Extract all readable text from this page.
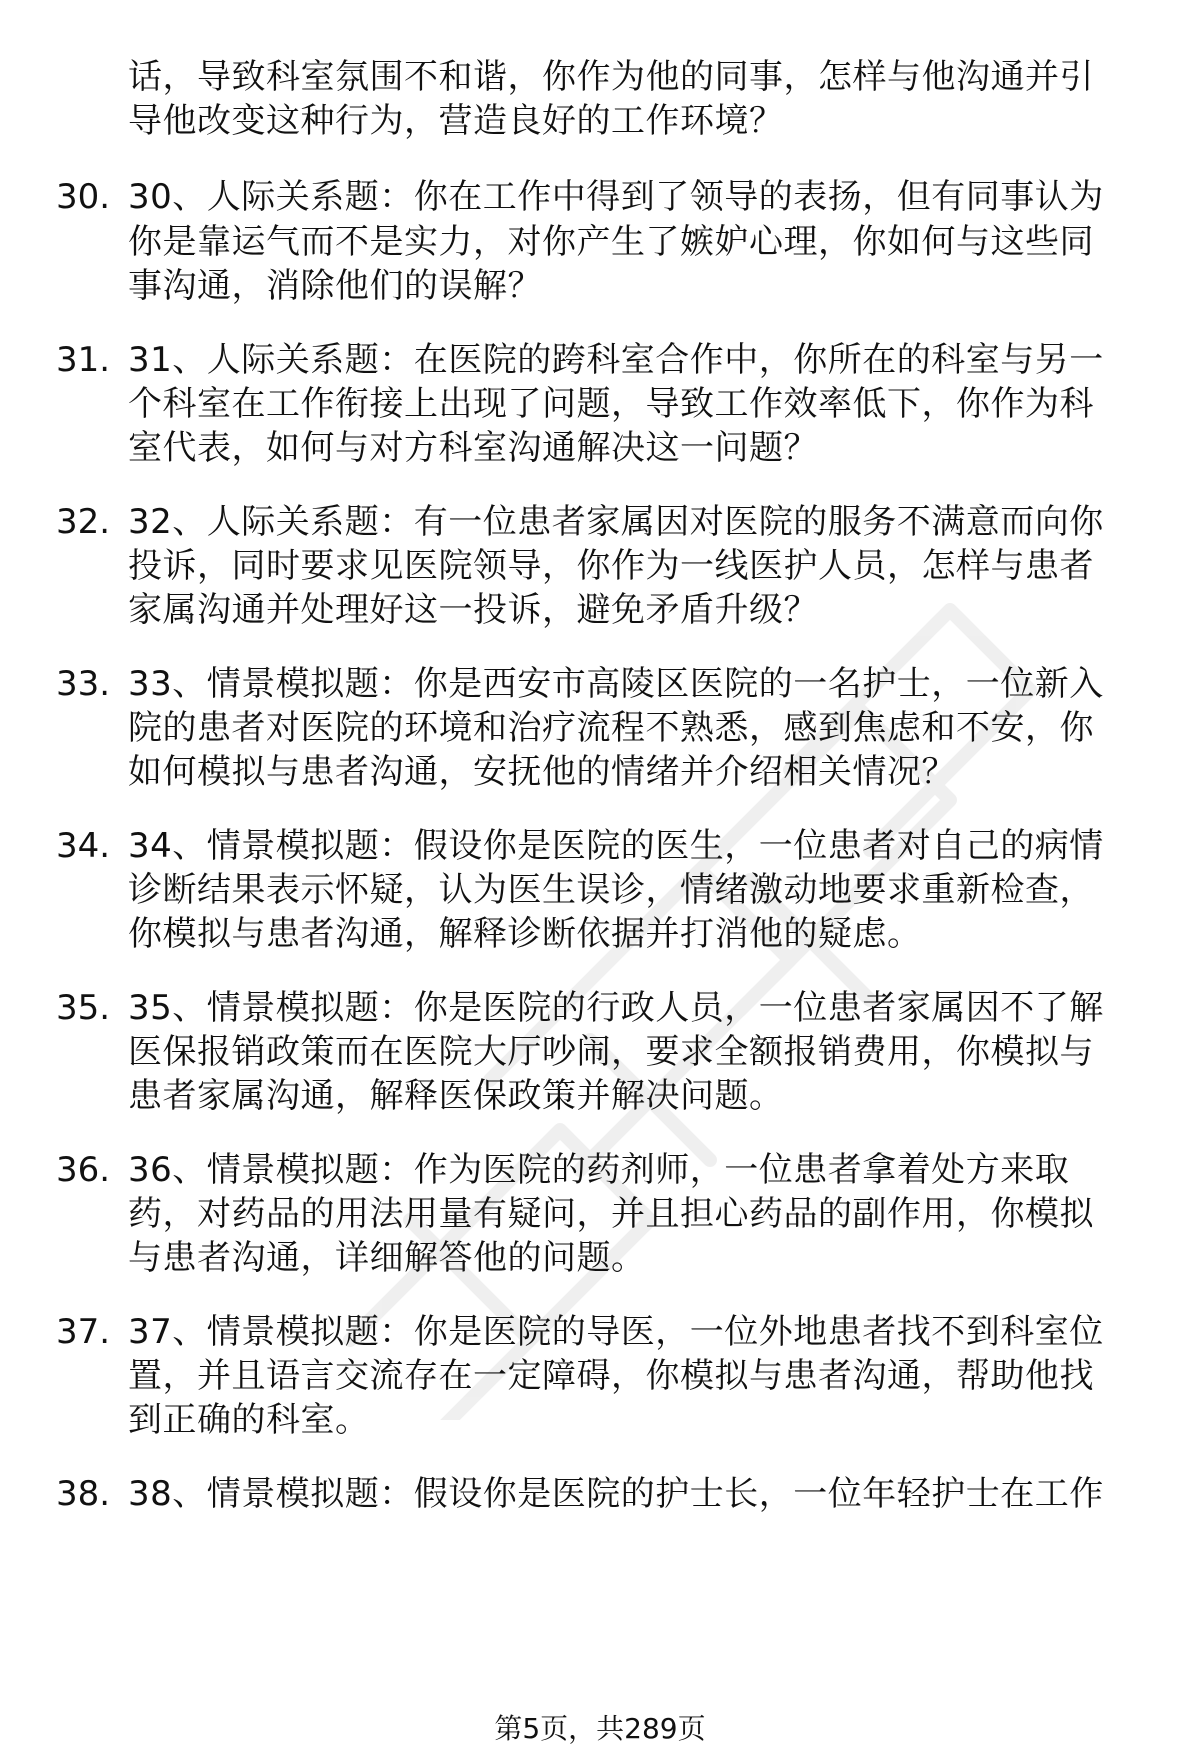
话，导致科室氛围不和谐，你作为他的同事，怎样与他沟通并引
导他改变这种行为，营造良好的工作环境？
30. 30、人际关系题：你在工作中得到了领导的表扬，但有同事认为
你是靠运气而不是实力，对你产生了嫉妒心理，你如何与这些同
事沟通，消除他们的误解？
31. 31、人际关系题：在医院的跨科室合作中，你所在的科室与另一
个科室在工作衔接上出现了问题，导致工作效率低下，你作为科
室代表，如何与对方科室沟通解决这一问题？
32. 32、人际关系题：有一位患者家属因对医院的服务不满意而向你
投诉，同时要求见医院领导，你作为一线医护人员，怎样与患者
家属沟通并处理好这一投诉，避免矛盾升级？
33. 33、情景模拟题：你是西安市高陵区医院的一名护士，一位新入
院的患者对医院的环境和治疗流程不熟悉，感到焦虑和不安，你
如何模拟与患者沟通，安抚他的情绪并介绍相关情况？
34. 34、情景模拟题：假设你是医院的医生，一位患者对自己的病情
诊断结果表示怀疑，认为医生误诊，情绪激动地要求重新检查，
你模拟与患者沟通，解释诊断依据并打消他的疑虑。
35. 35、情景模拟题：你是医院的行政人员，一位患者家属因不了解
医保报销政策而在医院大厅吵闹，要求全额报销费用，你模拟与
患者家属沟通，解释医保政策并解决问题。
36. 36、情景模拟题：作为医院的药剂师，一位患者拿着处方来取
药，对药品的用法用量有疑问，并且担心药品的副作用，你模拟
与患者沟通，详细解答他的问题。
37. 37、情景模拟题：你是医院的导医，一位外地患者找不到科室位
置，并且语言交流存在一定障碍，你模拟与患者沟通，帮助他找
到正确的科室。
38. 38、情景模拟题：假设你是医院的护士长，一位年轻护士在工作
第5页，共289页
